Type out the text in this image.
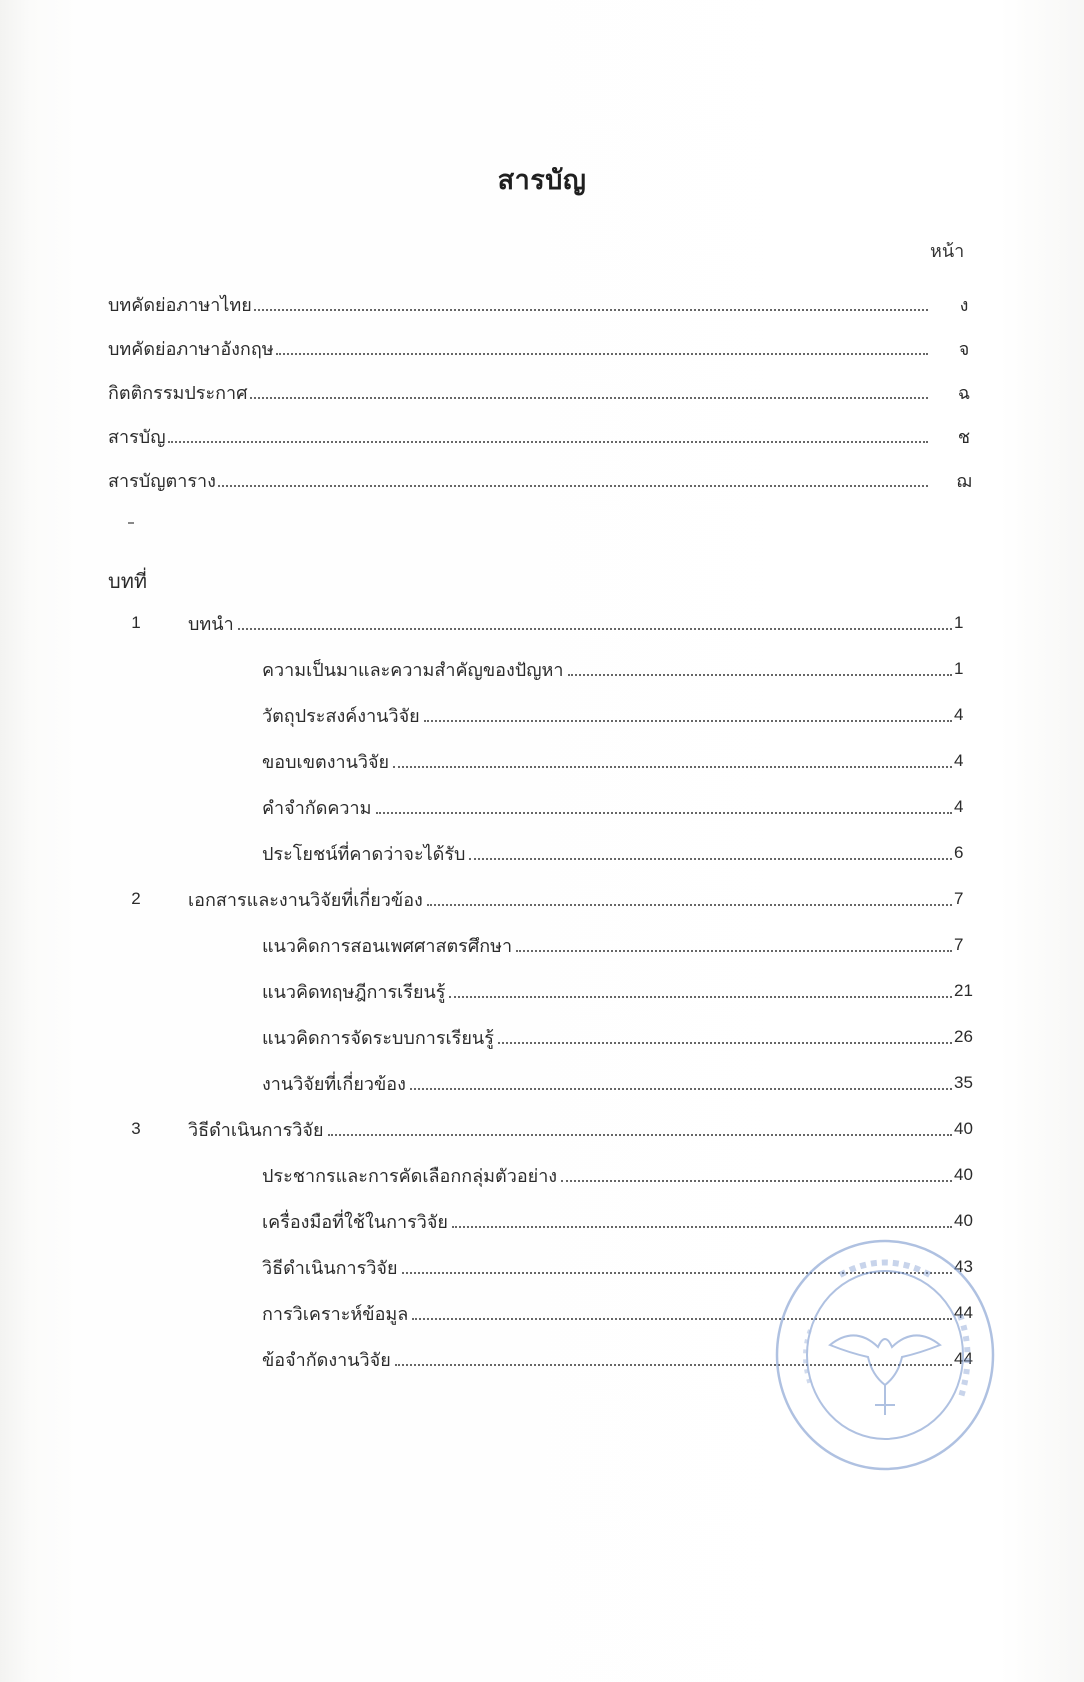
สารบัญ
หน้า
บทคัดย่อภาษาไทย	ง
บทคัดย่อภาษาอังกฤษ	จ
กิตติกรรมประกาศ	ฉ
สารบัญ	ช
สารบัญตาราง	ฌ
บทที่
1	บทนำ	1
ความเป็นมาและความสำคัญของปัญหา	1
วัตถุประสงค์งานวิจัย	4
ขอบเขตงานวิจัย	4
คำจำกัดความ	4
ประโยชน์ที่คาดว่าจะได้รับ	6
2	เอกสารและงานวิจัยที่เกี่ยวข้อง	7
แนวคิดการสอนเพศศาสตรศึกษา	7
แนวคิดทฤษฎีการเรียนรู้	21
แนวคิดการจัดระบบการเรียนรู้	26
งานวิจัยที่เกี่ยวข้อง	35
3	วิธีดำเนินการวิจัย	40
ประชากรและการคัดเลือกกลุ่มตัวอย่าง	40
เครื่องมือที่ใช้ในการวิจัย	40
วิธีดำเนินการวิจัย	43
การวิเคราะห์ข้อมูล	44
ข้อจำกัดงานวิจัย	44
